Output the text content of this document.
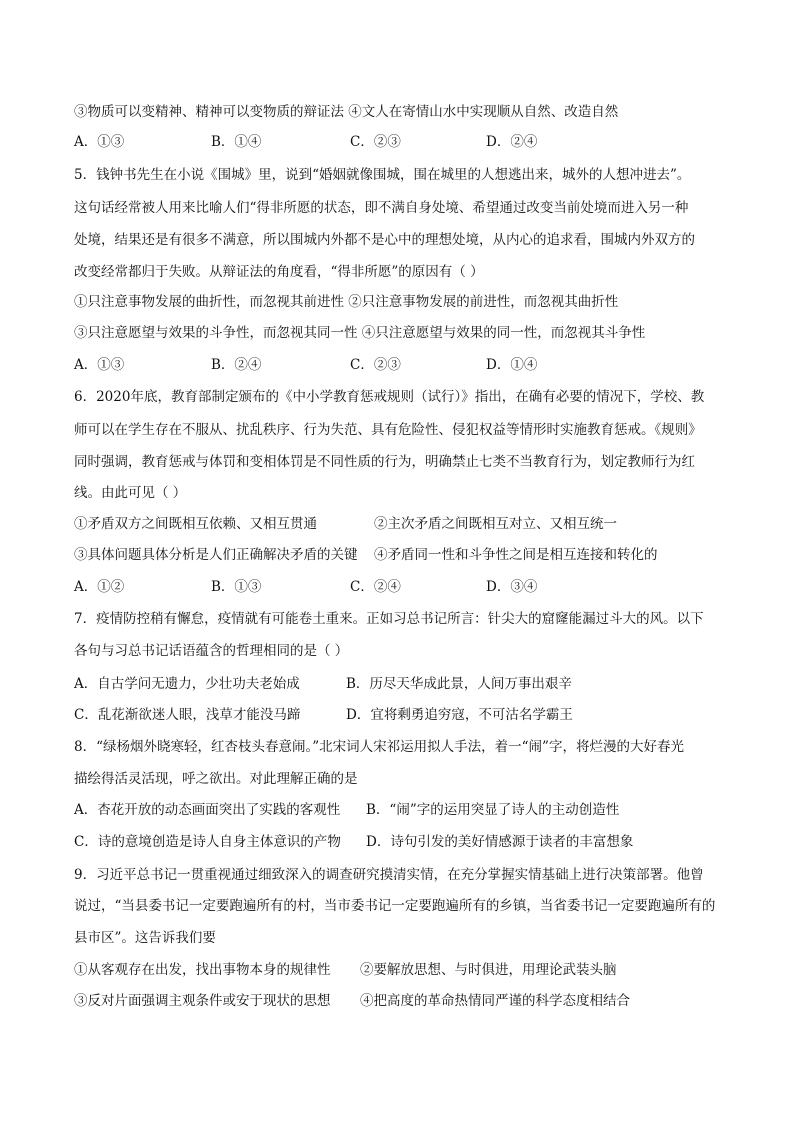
③物质可以变精神、精神可以变物质的辩证法 ④文人在寄情山水中实现顺从自然、改造自然
A．①③	B．①④	C．②③	D．②④
5．钱钟书先生在小说《围城》里，说到“婚姻就像围城，围在城里的人想逃出来，城外的人想冲进去”。
这句话经常被人用来比喻人们“得非所愿的状态，即不满自身处境、希望通过改变当前处境而进入另一种
处境，结果还是有很多不满意，所以围城内外都不是心中的理想处境，从内心的追求看，围城内外双方的
改变经常都归于失败。从辩证法的角度看，“得非所愿”的原因有（ ）
①只注意事物发展的曲折性，而忽视其前进性 ②只注意事物发展的前进性，而忽视其曲折性
③只注意愿望与效果的斗争性，而忽视其同一性 ④只注意愿望与效果的同一性，而忽视其斗争性
A．①③	B．②④	C．②③	D．①④
6．2020年底，教育部制定颁布的《中小学教育惩戒规则（试行）》指出，在确有必要的情况下，学校、教
师可以在学生存在不服从、扰乱秩序、行为失范、具有危险性、侵犯权益等情形时实施教育惩戒。《规则》
同时强调，教育惩戒与体罚和变相体罚是不同性质的行为，明确禁止七类不当教育行为，划定教师行为红
线。由此可见（ ）
①矛盾双方之间既相互依赖、又相互贯通	②主次矛盾之间既相互对立、又相互统一
③具体问题具体分析是人们正确解决矛盾的关键 ④矛盾同一性和斗争性之间是相互连接和转化的
A．①②	B．①③	C．②④	D．③④
7．疫情防控稍有懈怠，疫情就有可能卷土重来。正如习总书记所言：针尖大的窟窿能漏过斗大的风。以下
各句与习总书记话语蕴含的哲理相同的是（ ）
A．自古学问无遗力，少壮功夫老始成	B．历尽天华成此景，人间万事出艰辛
C．乱花渐欲迷人眼，浅草才能没马蹄	D．宜将剩勇追穷寇，不可沽名学霸王
8．“绿杨烟外晓寒轻，红杏枝头春意闹。”北宋词人宋祁运用拟人手法，着一“闹”字，将烂漫的大好春光
描绘得活灵活现，呼之欲出。对此理解正确的是
A．杏花开放的动态画面突出了实践的客观性 B．“闹”字的运用突显了诗人的主动创造性
C．诗的意境创造是诗人自身主体意识的产物 D．诗句引发的美好情感源于读者的丰富想象
9．习近平总书记一贯重视通过细致深入的调查研究摸清实情，在充分掌握实情基础上进行决策部署。他曾
说过，“当县委书记一定要跑遍所有的村，当市委书记一定要跑遍所有的乡镇，当省委书记一定要跑遍所有的
县市区”。这告诉我们要
①从客观存在出发，找出事物本身的规律性 ②要解放思想、与时俱进，用理论武装头脑
③反对片面强调主观条件或安于现状的思想 ④把高度的革命热情同严谨的科学态度相结合
